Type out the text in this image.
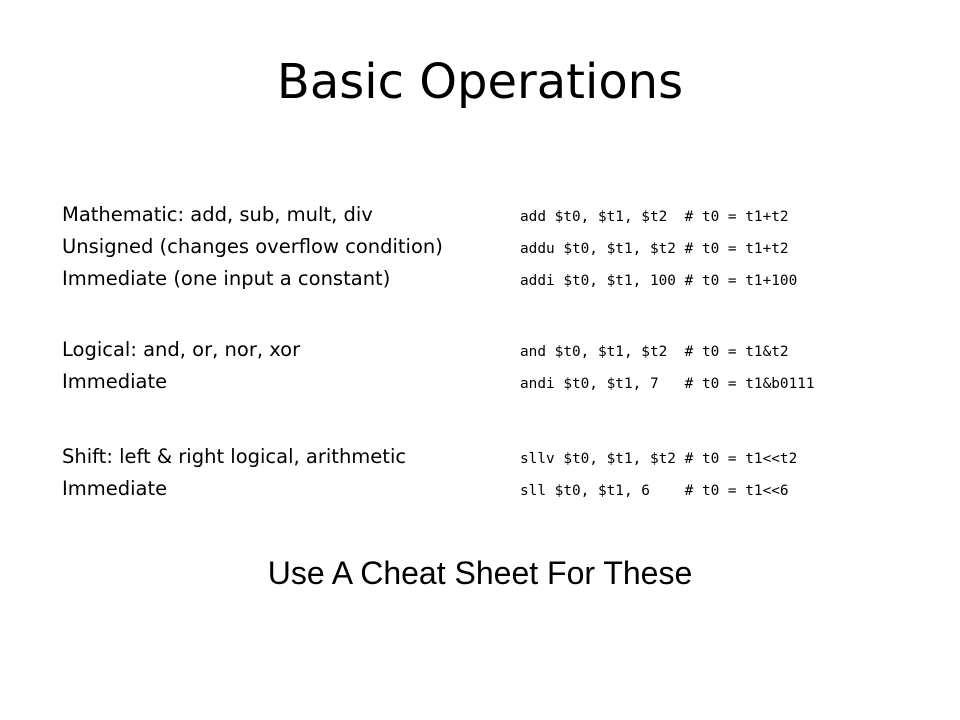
Basic Operations
Mathematic: add, sub, mult, div	add $t0, $t1, $t2  # t0 = t1+t2
Unsigned (changes overflow condition)	addu $t0, $t1, $t2 # t0 = t1+t2
Immediate (one input a constant)	addi $t0, $t1, 100 # t0 = t1+100
Logical: and, or, nor, xor	and $t0, $t1, $t2  # t0 = t1&t2
Immediate	andi $t0, $t1, 7   # t0 = t1&b0111
Shift: left & right logical, arithmetic	sllv $t0, $t1, $t2 # t0 = t1<<t2
Immediate	sll $t0, $t1, 6    # t0 = t1<<6
Use A Cheat Sheet For These
